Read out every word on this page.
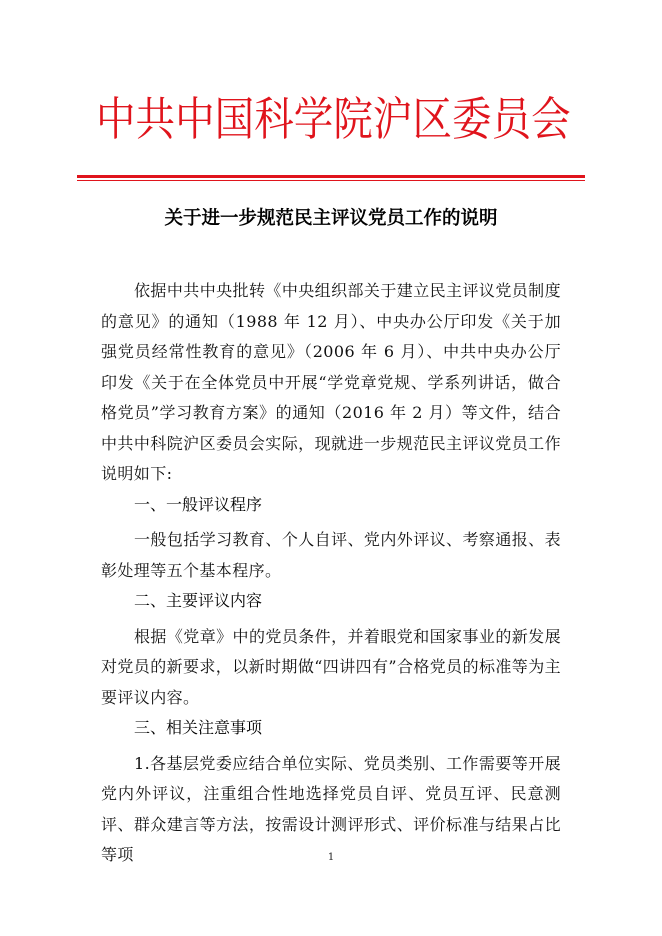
中 共 中 国 科 学 院 沪 区 委 员 会
关于进一步规范民主评议党员工作的说明

依据中共中央批转《中央组织部关于建立民主评议党员制度的意见》的通知（1988 年 12 月）、中央办公厅印发《关于加强党员经常性教育的意见》（2006 年 6 月）、中共中央办公厅印发《关于在全体党员中开展“学党章党规、学系列讲话，做合格党员”学习教育方案》的通知（2016 年 2 月）等文件，结合中共中科院沪区委员会实际，现就进一步规范民主评议党员工作说明如下:

一、一般评议程序

一般包括学习教育、个人自评、党内外评议、考察通报、表彰处理等五个基本程序。

二、主要评议内容

根据《党章》中的党员条件，并着眼党和国家事业的新发展对党员的新要求，以新时期做“四讲四有”合格党员的标准等为主要评议内容。

三、相关注意事项

1.各基层党委应结合单位实际、党员类别、工作需要等开展党内外评议，注重组合性地选择党员自评、党员互评、民意测评、群众建言等方法，按需设计测评形式、评价标准与结果占比等项	1
